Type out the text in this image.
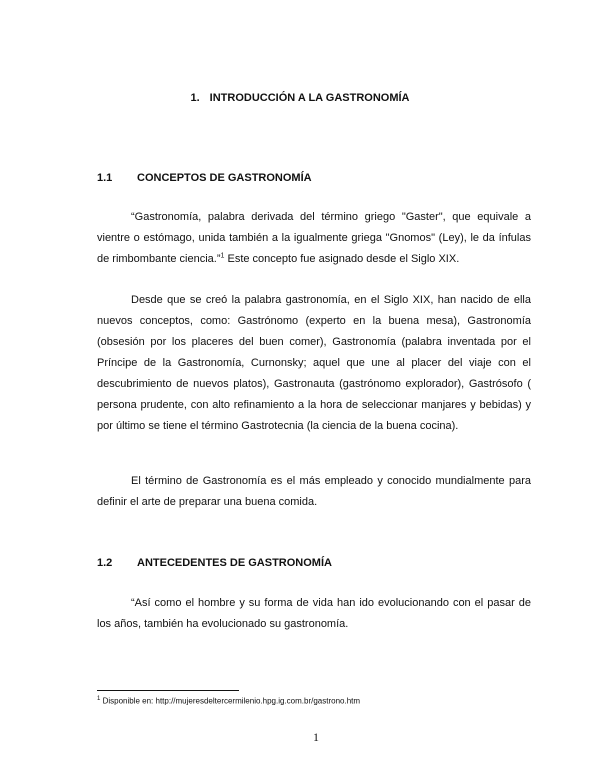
1. INTRODUCCIÓN A LA GASTRONOMÍA
1.1 CONCEPTOS DE GASTRONOMÍA
“Gastronomía, palabra derivada del término griego "Gaster", que equivale a vientre o estómago, unida también a la igualmente griega "Gnomos" (Ley), le da ínfulas de rimbombante ciencia.”$^1$ Este concepto fue asignado desde el Siglo XIX.
Desde que se creó la palabra gastronomía, en el Siglo XIX, han nacido de ella nuevos conceptos, como: Gastrónomo (experto en la buena mesa), Gastronomía (obsesión por los placeres del buen comer), Gastronomía (palabra inventada por el Príncipe de la Gastronomía, Curnonsky; aquel que une al placer del viaje con el descubrimiento de nuevos platos), Gastronauta (gastrónomo explorador), Gastrósofo ( persona prudente, con alto refinamiento a la hora de seleccionar manjares y bebidas) y por último se tiene el término Gastrotecnia (la ciencia de la buena cocina).
El término de Gastronomía es el más empleado y conocido mundialmente para definir el arte de preparar una buena comida.
1.2 ANTECEDENTES DE GASTRONOMÍA
“Así como el hombre y su forma de vida han ido evolucionando con el pasar de los años, también ha evolucionado su gastronomía.
$^1$ Disponible en: http://mujeresdeltercermilenio.hpg.ig.com.br/gastrono.htm
1
